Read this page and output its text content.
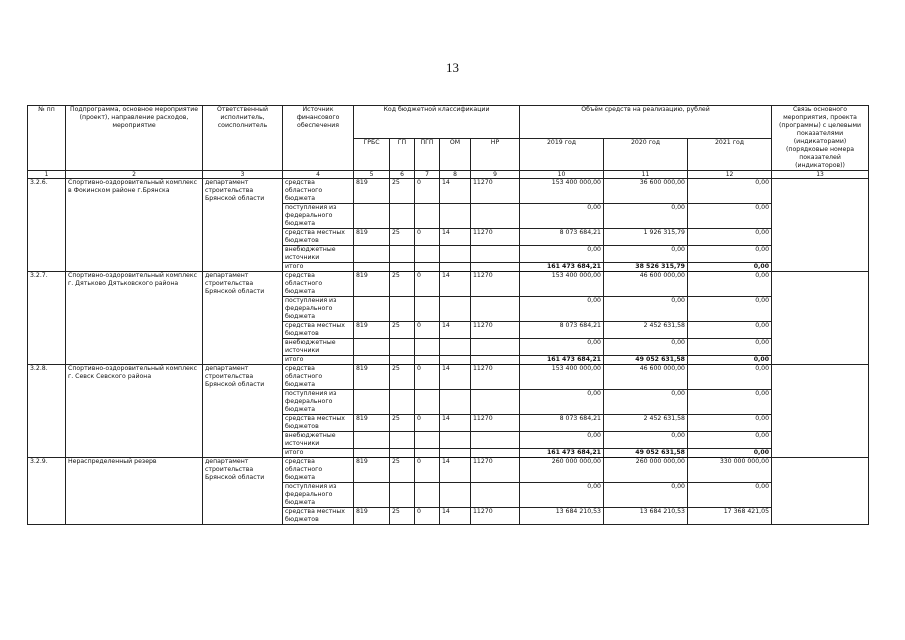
13
№ пп	Подпрограмма, основное мероприятие (проект), направление расходов, мероприятие	Ответственный исполнитель, соисполнитель	Источник финансового обеспечения	Код бюджетной классификации					Объём средств на реализацию, рублей			Связь основного мероприятия, проекта (программы) с целевыми показателями (индикаторами) (порядковые номера показателей (индикаторов))
				ГРБС	ГП	ПГП	ОМ	НР	2019 год	2020 год	2021 год	
1	2	3	4	5	6	7	8	9	10	11	12	13
3.2.6.	Спортивно-оздоровительный комплекс в Фокинском районе г.Брянска	департамент строительства Брянской области	средства областного бюджета	819	25	0	14	11270	153 400 000,00	36 600 000,00	0,00	
			поступления из федерального бюджета						0,00	0,00	0,00	
			средства местных бюджетов	819	25	0	14	11270	8 073 684,21	1 926 315,79	0,00	
			внебюджетные источники						0,00	0,00	0,00	
			итого						161 473 684,21	38 526 315,79	0,00	
3.2.7.	Спортивно-оздоровительный комплекс г. Дятьково Дятьковского района	департамент строительства Брянской области	средства областного бюджета	819	25	0	14	11270	153 400 000,00	46 600 000,00	0,00	
			поступления из федерального бюджета						0,00	0,00	0,00	
			средства местных бюджетов	819	25	0	14	11270	8 073 684,21	2 452 631,58	0,00	
			внебюджетные источники						0,00	0,00	0,00	
			итого						161 473 684,21	49 052 631,58	0,00	
3.2.8.	Спортивно-оздоровительный комплекс г. Севск Севского района	департамент строительства Брянской области	средства областного бюджета	819	25	0	14	11270	153 400 000,00	46 600 000,00	0,00	
			поступления из федерального бюджета						0,00	0,00	0,00	
			средства местных бюджетов	819	25	0	14	11270	8 073 684,21	2 452 631,58	0,00	
			внебюджетные источники						0,00	0,00	0,00	
			итого						161 473 684,21	49 052 631,58	0,00	
3.2.9.	Нераспределенный резерв	департамент строительства Брянской области	средства областного бюджета	819	25	0	14	11270	260 000 000,00	260 000 000,00	330 000 000,00	
			поступления из федерального бюджета						0,00	0,00	0,00	
			средства местных бюджетов	819	25	0	14	11270	13 684 210,53	13 684 210,53	17 368 421,05	
